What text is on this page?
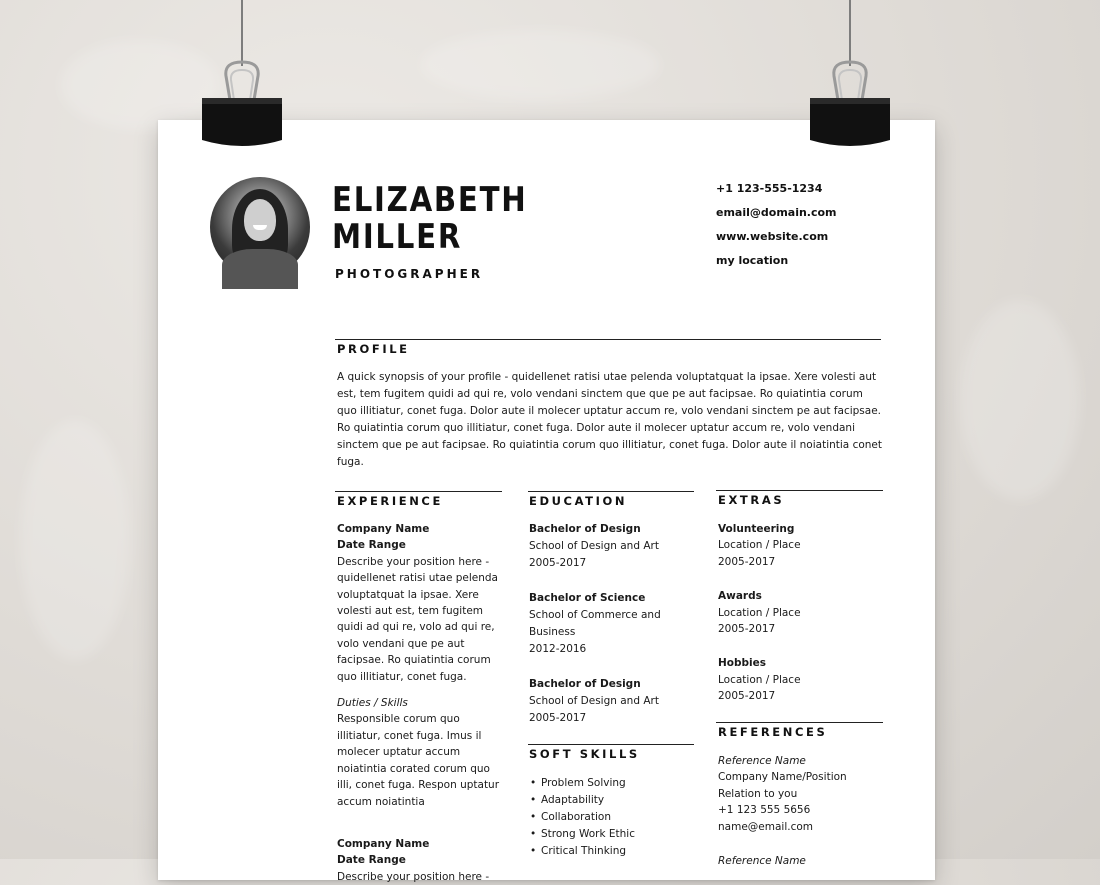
ELIZABETH
MILLER
PHOTOGRAPHER
+1 123-555-1234
email@domain.com
www.website.com
my location
PROFILE
A quick synopsis of your profile - quidellenet ratisi utae pelenda voluptatquat la ipsae. Xere volesti aut est, tem fugitem quidi ad qui re, volo vendani sinctem que que pe aut facipsae. Ro quiatintia corum quo illitiatur, conet fuga. Dolor aute il molecer uptatur accum re, volo vendani sinctem pe aut facipsae. Ro quiatintia corum quo illitiatur, conet fuga. Dolor aute il molecer uptatur accum re, volo vendani sinctem que pe aut facipsae. Ro quiatintia corum quo illitiatur, conet fuga. Dolor aute il noiatintia conet fuga.
EXPERIENCE
Company Name
Date Range
Describe your position here - quidellenet ratisi utae pelenda voluptatquat la ipsae. Xere volesti aut est, tem fugitem quidi ad qui re, volo ad qui re, volo vendani que pe aut facipsae. Ro quiatintia corum quo illitiatur, conet fuga.
Duties / Skills
Responsible corum quo illitiatur, conet fuga. Imus il molecer uptatur accum noiatintia corated corum quo illi, conet fuga. Respon uptatur accum noiatintia
Company Name
Date Range
Describe your position here -
EDUCATION
Bachelor of Design
School of Design and Art
2005-2017
Bachelor of Science
School of Commerce and Business
2012-2016
Bachelor of Design
School of Design and Art
2005-2017
SOFT SKILLS
• Problem Solving
• Adaptability
• Collaboration
• Strong Work Ethic
• Critical Thinking
EXTRAS
Volunteering
Location / Place
2005-2017
Awards
Location / Place
2005-2017
Hobbies
Location / Place
2005-2017
REFERENCES
Reference Name
Company Name/Position
Relation to you
+1 123 555 5656
name@email.com
Reference Name
